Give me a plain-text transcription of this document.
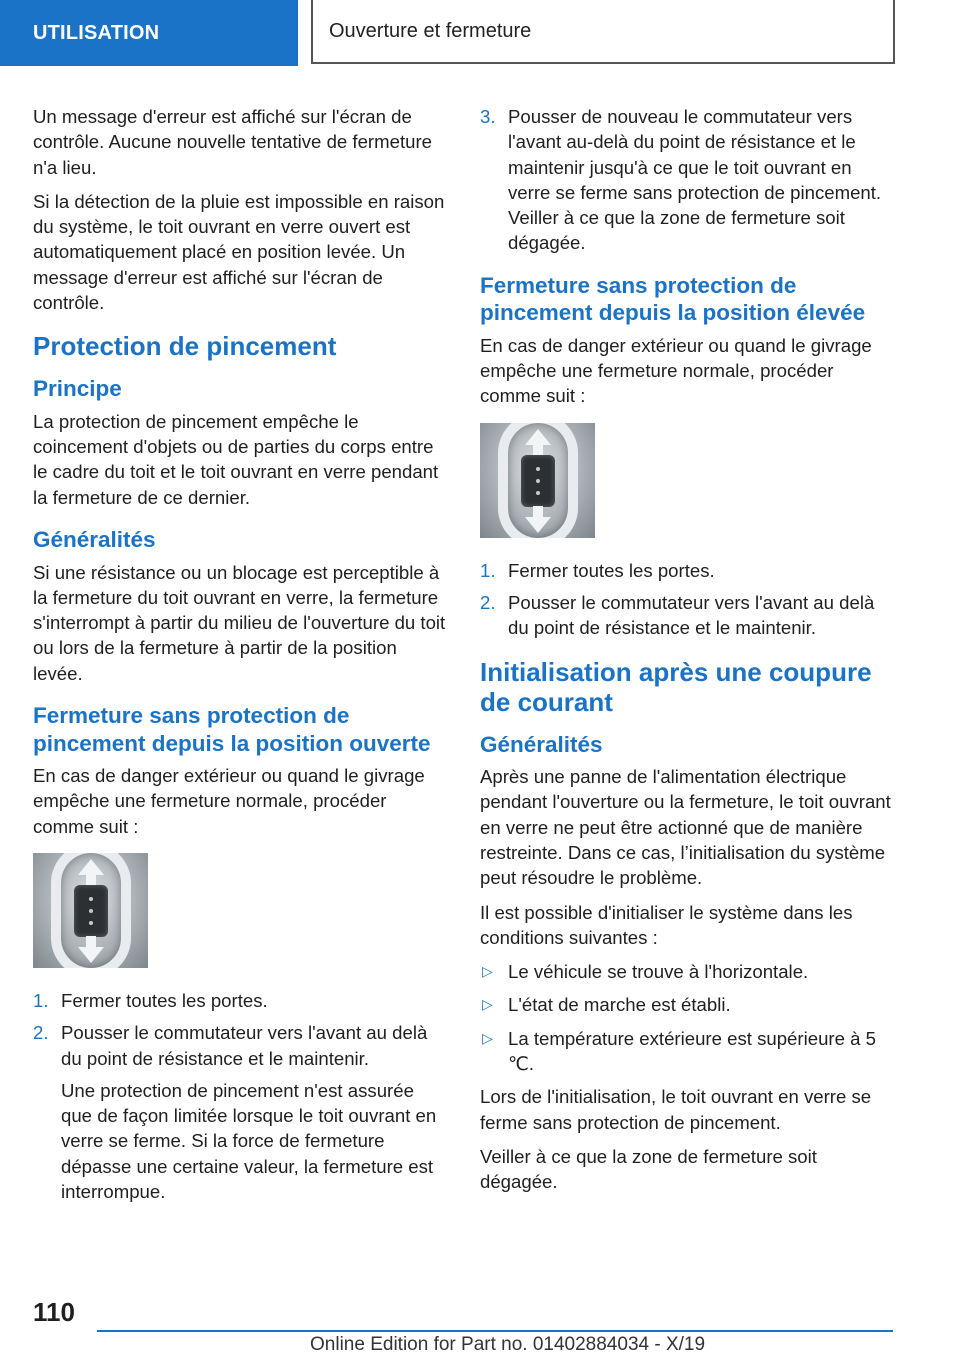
UTILISATION	Ouverture et fermeture

Un message d'erreur est affiché sur l'écran de contrôle. Aucune nouvelle tentative de fermeture n'a lieu.

Si la détection de la pluie est impossible en raison du système, le toit ouvrant en verre ouvert est automatiquement placé en position levée. Un message d'erreur est affiché sur l'écran de contrôle.

Protection de pincement
Principe

La protection de pincement empêche le coincement d'objets ou de parties du corps entre le cadre du toit et le toit ouvrant en verre pendant la fermeture de ce dernier.

Généralités

Si une résistance ou un blocage est perceptible à la fermeture du toit ouvrant en verre, la fermeture s'interrompt à partir du milieu de l'ouverture du toit ou lors de la fermeture à partir de la position levée.

Fermeture sans protection de pincement depuis la position ouverte

En cas de danger extérieur ou quand le givrage empêche une fermeture normale, procéder comme suit :

1. Fermer toutes les portes.
2. Pousser le commutateur vers l'avant au delà du point de résistance et le maintenir.
Une protection de pincement n'est assurée que de façon limitée lorsque le toit ouvrant en verre se ferme. Si la force de fermeture dépasse une certaine valeur, la fermeture est interrompue.
3. Pousser de nouveau le commutateur vers l'avant au-delà du point de résistance et le maintenir jusqu'à ce que le toit ouvrant en verre se ferme sans protection de pincement. Veiller à ce que la zone de fermeture soit dégagée.
Fermeture sans protection de pincement depuis la position élevée

En cas de danger extérieur ou quand le givrage empêche une fermeture normale, procéder comme suit :

1. Fermer toutes les portes.
2. Pousser le commutateur vers l'avant au delà du point de résistance et le maintenir.
Initialisation après une coupure de courant
Généralités

Après une panne de l'alimentation électrique pendant l'ouverture ou la fermeture, le toit ouvrant en verre ne peut être actionné que de manière restreinte. Dans ce cas, l’initialisation du système peut résoudre le problème.

Il est possible d'initialiser le système dans les conditions suivantes :

▷ Le véhicule se trouve à l'horizontale.
▷ L'état de marche est établi.
▷ La température extérieure est supérieure à 5 ℃.

Lors de l'initialisation, le toit ouvrant en verre se ferme sans protection de pincement.

Veiller à ce que la zone de fermeture soit dégagée.

110
Online Edition for Part no. 01402884034 - X/19
